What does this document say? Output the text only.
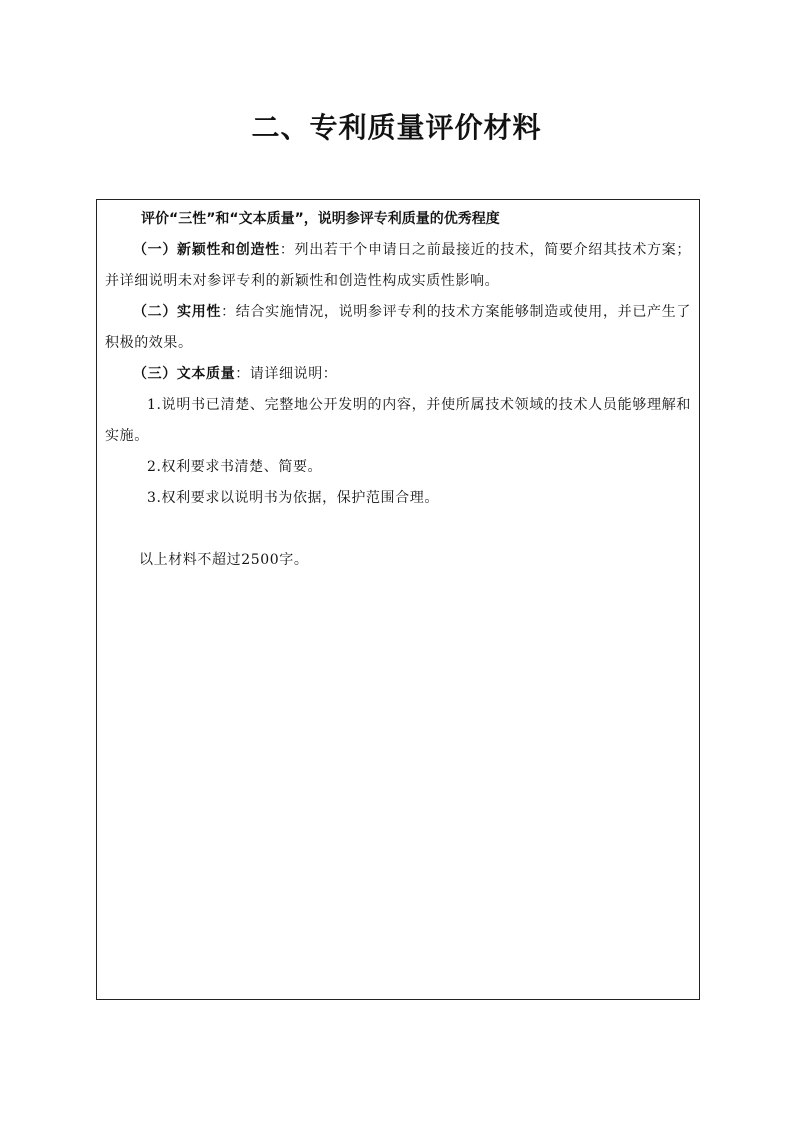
二、专利质量评价材料

评价“三性”和“文本质量”，说明参评专利质量的优秀程度

（一）新颖性和创造性：列出若干个申请日之前最接近的技术，简要介绍其技术方案；并详细说明未对参评专利的新颖性和创造性构成实质性影响。

（二）实用性：结合实施情况，说明参评专利的技术方案能够制造或使用，并已产生了积极的效果。

（三）文本质量：请详细说明：

1.说明书已清楚、完整地公开发明的内容，并使所属技术领域的技术人员能够理解和实施。

2.权利要求书清楚、简要。

3.权利要求以说明书为依据，保护范围合理。

以上材料不超过2500字。
